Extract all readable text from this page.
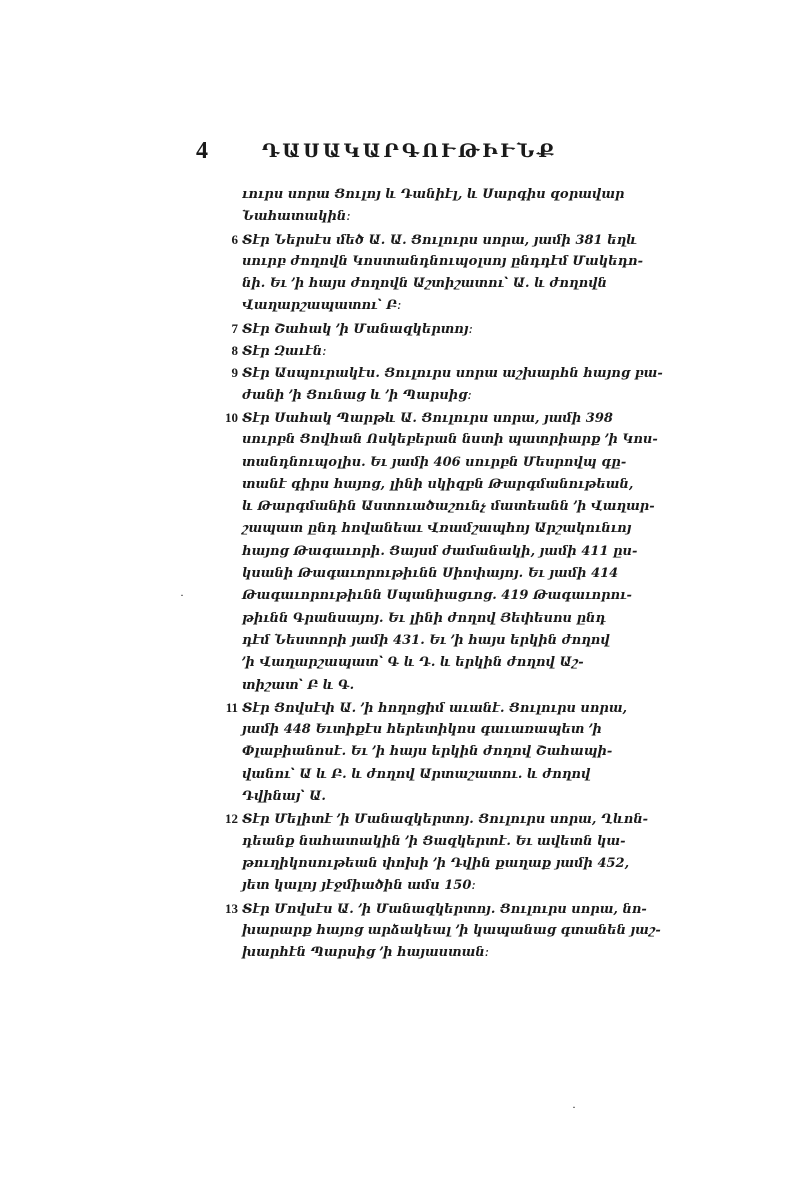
4	ԴԱՍԱԿԱՐԳՈՒԹԻՒՆՔ
ւուրս սորա Ցուլոյ և Դանիէլ, և Սարգիս զօրավար
Նահատակին։
6 Տէր Ներսէս մեծ Ա․ Ա․ Ցուլուրս սորա, յամի 381 եղև
սուրբ ժողովն Կոստանդնուպօլսոյ ընդդէմ Մակեդո-
նի․ Եւ ՚ի հայս ժողովն Աշտիշատու՝ Ա․ և ժողովն
Վաղարշապատու՝ Բ։
7 Տէր Շահակ ՚ի Մանազկերտոյ։
8 Տէր Զաւէն։
9 Տէր Ասպուրակէս․ Ցուլուրս սորա աշխարհն հայոց բա-
ժանի ՚ի Ցունաց և ՚ի Պարսից։
10 Տէր Սահակ Պարթև Ա․ Ցուլուրս սորա, յամի 398
սուրբն Ցովհան Ոսկեբերան նստի պատրիարք ՚ի Կոս-
տանդնուպօլիս․ Եւ յամի 406 սուրբն Մեսրովպ գը-
տանէ գիրս հայոց, լինի սկիզբն Թարգմանութեան,
և Թարգմանին Աստուածաշունչ մատեանն ՚ի Վաղար-
շապատ ընդ հովանեաւ Վռամշապհոյ Արշակունւոյ
հայոց Թագաւորի․ Ցայսմ ժամանակի, յամի 411 ըս-
կսանի Թագաւորութիւնն Սիոփայոյ․ Եւ յամի 414
Թագաւորութիւնն Սպանիացւոց․ 419 Թագաւորու-
թիւնն Գրանսայոյ․ Եւ լինի ժողով Յեփեսոս ընդ
դէմ Նեստորի յամի 431․ Եւ ՚ի հայս երկին ժողով
՚ի Վաղարշապատ՝ Գ և Դ․ և երկին ժողով Աշ-
տիշատ՝ Բ և Գ․
11 Տէր Ցովսէփ Ա․ ՚ի հողոցիմ աւանէ․ Ցուլուրս սորա,
յամի 448 Եւտիքէս հերետիկոս գաւառապետ ՚ի
Փլաբիանոսէ․ Եւ ՚ի հայս երկին ժողով Շահապի-
վանու՝ Ա և Բ․ և ժողով Արտաշատու․ և ժողով
Դվինայ՝ Ա․
12 Տէր Մելիտէ ՚ի Մանազկերտոյ․ Ցուլուրս սորա, Ղևոն-
դեանք նահատակին ՚ի Ցազկերտէ․ Եւ ավետն կա-
թուղիկոսութեան փոխի ՚ի Դվին քաղաք յամի 452,
յետ կալոյ յէջմիածին ամս 150։
13 Տէր Մովսէս Ա․ ՚ի Մանազկերտոյ․ Ցուլուրս սորա, նո-
խարարք հայոց արձակեալ ՚ի կապանաց գտանեն յաշ-
խարհէն Պարսից ՚ի հայաստան։
·
·
